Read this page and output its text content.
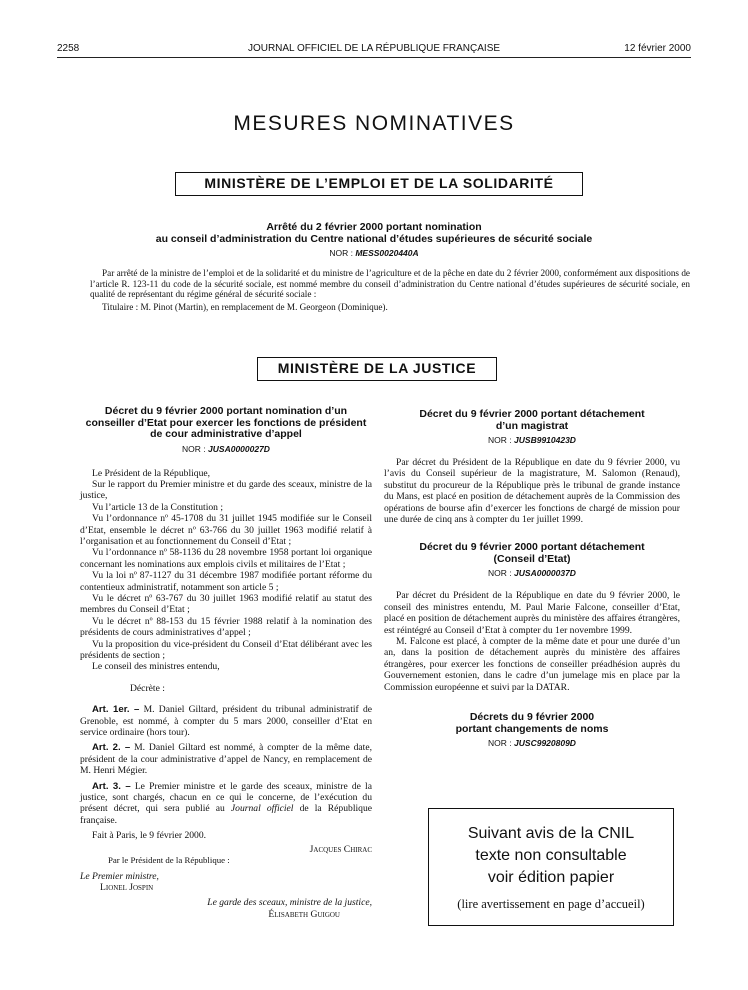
2258	JOURNAL OFFICIEL DE LA RÉPUBLIQUE FRANÇAISE	12 février 2000
MESURES NOMINATIVES
MINISTÈRE DE L’EMPLOI ET DE LA SOLIDARITÉ
Arrêté du 2 février 2000 portant nomination
au conseil d’administration du Centre national d’études supérieures de sécurité sociale
NOR : MESS0020440A

Par arrêté de la ministre de l’emploi et de la solidarité et du ministre de l’agriculture et de la pêche en date du 2 février 2000, conformément aux dispositions de l’article R. 123-11 du code de la sécurité sociale, est nommé membre du conseil d’administration du Centre national d’études supérieures de sécurité sociale, en qualité de représentant du régime général de sécurité sociale :

Titulaire : M. Pinot (Martin), en remplacement de M. Georgeon (Dominique).

MINISTÈRE DE LA JUSTICE
Décret du 9 février 2000 portant nomination d’un conseiller d’Etat pour exercer les fonctions de président de cour administrative d’appel
NOR : JUSA0000027D

Le Président de la République,

Sur le rapport du Premier ministre et du garde des sceaux, ministre de la justice,

Vu l’article 13 de la Constitution ;

Vu l’ordonnance nº 45-1708 du 31 juillet 1945 modifiée sur le Conseil d’Etat, ensemble le décret nº 63-766 du 30 juillet 1963 modifié relatif à l’organisation et au fonctionnement du Conseil d’Etat ;

Vu l’ordonnance nº 58-1136 du 28 novembre 1958 portant loi organique concernant les nominations aux emplois civils et militaires de l’Etat ;

Vu la loi nº 87-1127 du 31 décembre 1987 modifiée portant réforme du contentieux administratif, notamment son article 5 ;

Vu le décret nº 63-767 du 30 juillet 1963 modifié relatif au statut des membres du Conseil d’Etat ;

Vu le décret nº 88-153 du 15 février 1988 relatif à la nomination des présidents de cours administratives d’appel ;

Vu la proposition du vice-président du Conseil d’Etat délibérant avec les présidents de section ;

Le conseil des ministres entendu,

Décrète :

Art. 1er. – M. Daniel Giltard, président du tribunal administratif de Grenoble, est nommé, à compter du 5 mars 2000, conseiller d’Etat en service ordinaire (hors tour).

Art. 2. – M. Daniel Giltard est nommé, à compter de la même date, président de la cour administrative d’appel de Nancy, en remplacement de M. Henri Mégier.

Art. 3. – Le Premier ministre et le garde des sceaux, ministre de la justice, sont chargés, chacun en ce qui le concerne, de l’exécution du présent décret, qui sera publié au Journal officiel de la République française.

Fait à Paris, le 9 février 2000.

Jacques Chirac
Par le Président de la République :
Le Premier ministre,
Lionel Jospin
Le garde des sceaux, ministre de la justice,
Élisabeth Guigou
Décret du 9 février 2000 portant détachement
d’un magistrat
NOR : JUSB9910423D

Par décret du Président de la République en date du 9 février 2000, vu l’avis du Conseil supérieur de la magistrature, M. Salomon (Renaud), substitut du procureur de la République près le tribunal de grande instance du Mans, est placé en position de détachement auprès de la Commission des opérations de bourse afin d’exercer les fonctions de chargé de mission pour une durée de cinq ans à compter du 1er juillet 1999.

Décret du 9 février 2000 portant détachement
(Conseil d’Etat)
NOR : JUSA0000037D

Par décret du Président de la République en date du 9 février 2000, le conseil des ministres entendu, M. Paul Marie Falcone, conseiller d’Etat, placé en position de détachement auprès du ministère des affaires étrangères, est réintégré au Conseil d’Etat à compter du 1er novembre 1999.

M. Falcone est placé, à compter de la même date et pour une durée d’un an, dans la position de détachement auprès du ministère des affaires étrangères, pour exercer les fonctions de conseiller préadhésion auprès du Gouvernement estonien, dans le cadre d’un jumelage mis en place par la Commission européenne et suivi par la DATAR.

Décrets du 9 février 2000
portant changements de noms
NOR : JUSC9920809D
Suivant avis de la CNIL
texte non consultable
voir édition papier
(lire avertissement en page d’accueil)
